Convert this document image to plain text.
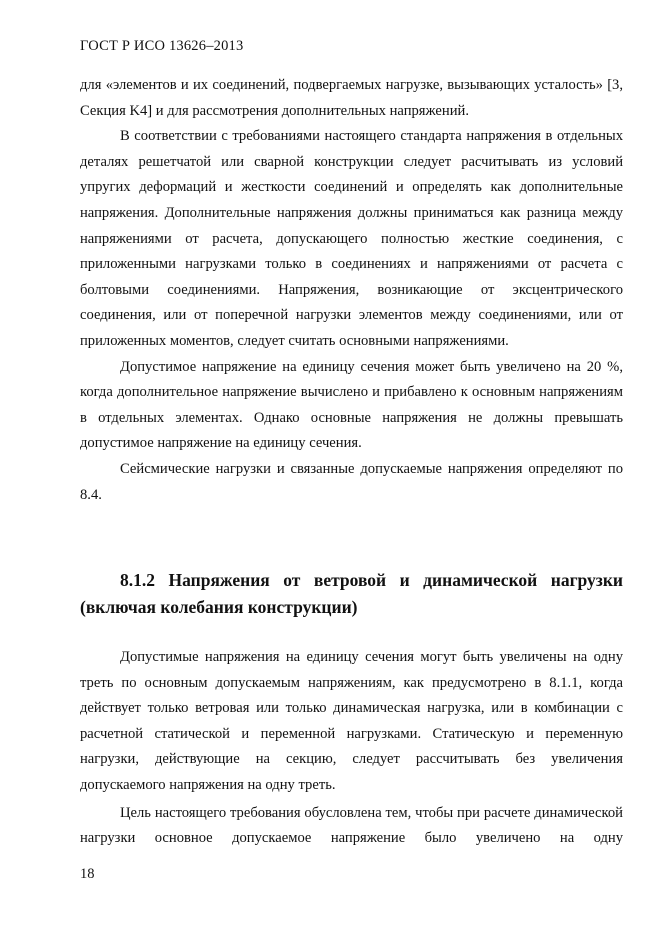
ГОСТ Р ИСО 13626–2013

для «элементов и их соединений, подвергаемых нагрузке, вызывающих усталость» [3, Секция K4] и для рассмотрения дополнительных напряжений.

В соответствии с требованиями настоящего стандарта напряжения в отдельных деталях решетчатой или сварной конструкции следует расчитывать из условий упругих деформаций и жесткости соединений и определять как дополнительные напряжения. Дополнительные напряжения должны приниматься как разница между напряжениями от расчета, допускающего полностью жесткие соединения, с приложенными нагрузками только в соединениях и напряжениями от расчета с болтовыми соединениями. Напряжения, возникающие от эксцентрического соединения, или от поперечной нагрузки элементов между соединениями, или от приложенных моментов, следует считать основными напряжениями.

Допустимое напряжение на единицу сечения может быть увеличено на 20 %, когда дополнительное напряжение вычислено и прибавлено к основным напряжениям в отдельных элементах. Однако основные напряжения не должны превышать допустимое напряжение на единицу сечения.

Сейсмические нагрузки и связанные допускаемые напряжения определяют по 8.4.

8.1.2 Напряжения от ветровой и динамической нагрузки (включая колебания конструкции)

Допустимые напряжения на единицу сечения могут быть увеличены на одну треть по основным допускаемым напряжениям, как предусмотрено в 8.1.1, когда действует только ветровая или только динамическая нагрузка, или в комбинации с расчетной статической и переменной нагрузками. Статическую и переменную нагрузки, действующие на секцию, следует рассчитывать без увеличения допускаемого напряжения на одну треть.

Цель настоящего требования обусловлена тем, чтобы при расчете динамической нагрузки основное допускаемое напряжение было увеличено на одну

18
